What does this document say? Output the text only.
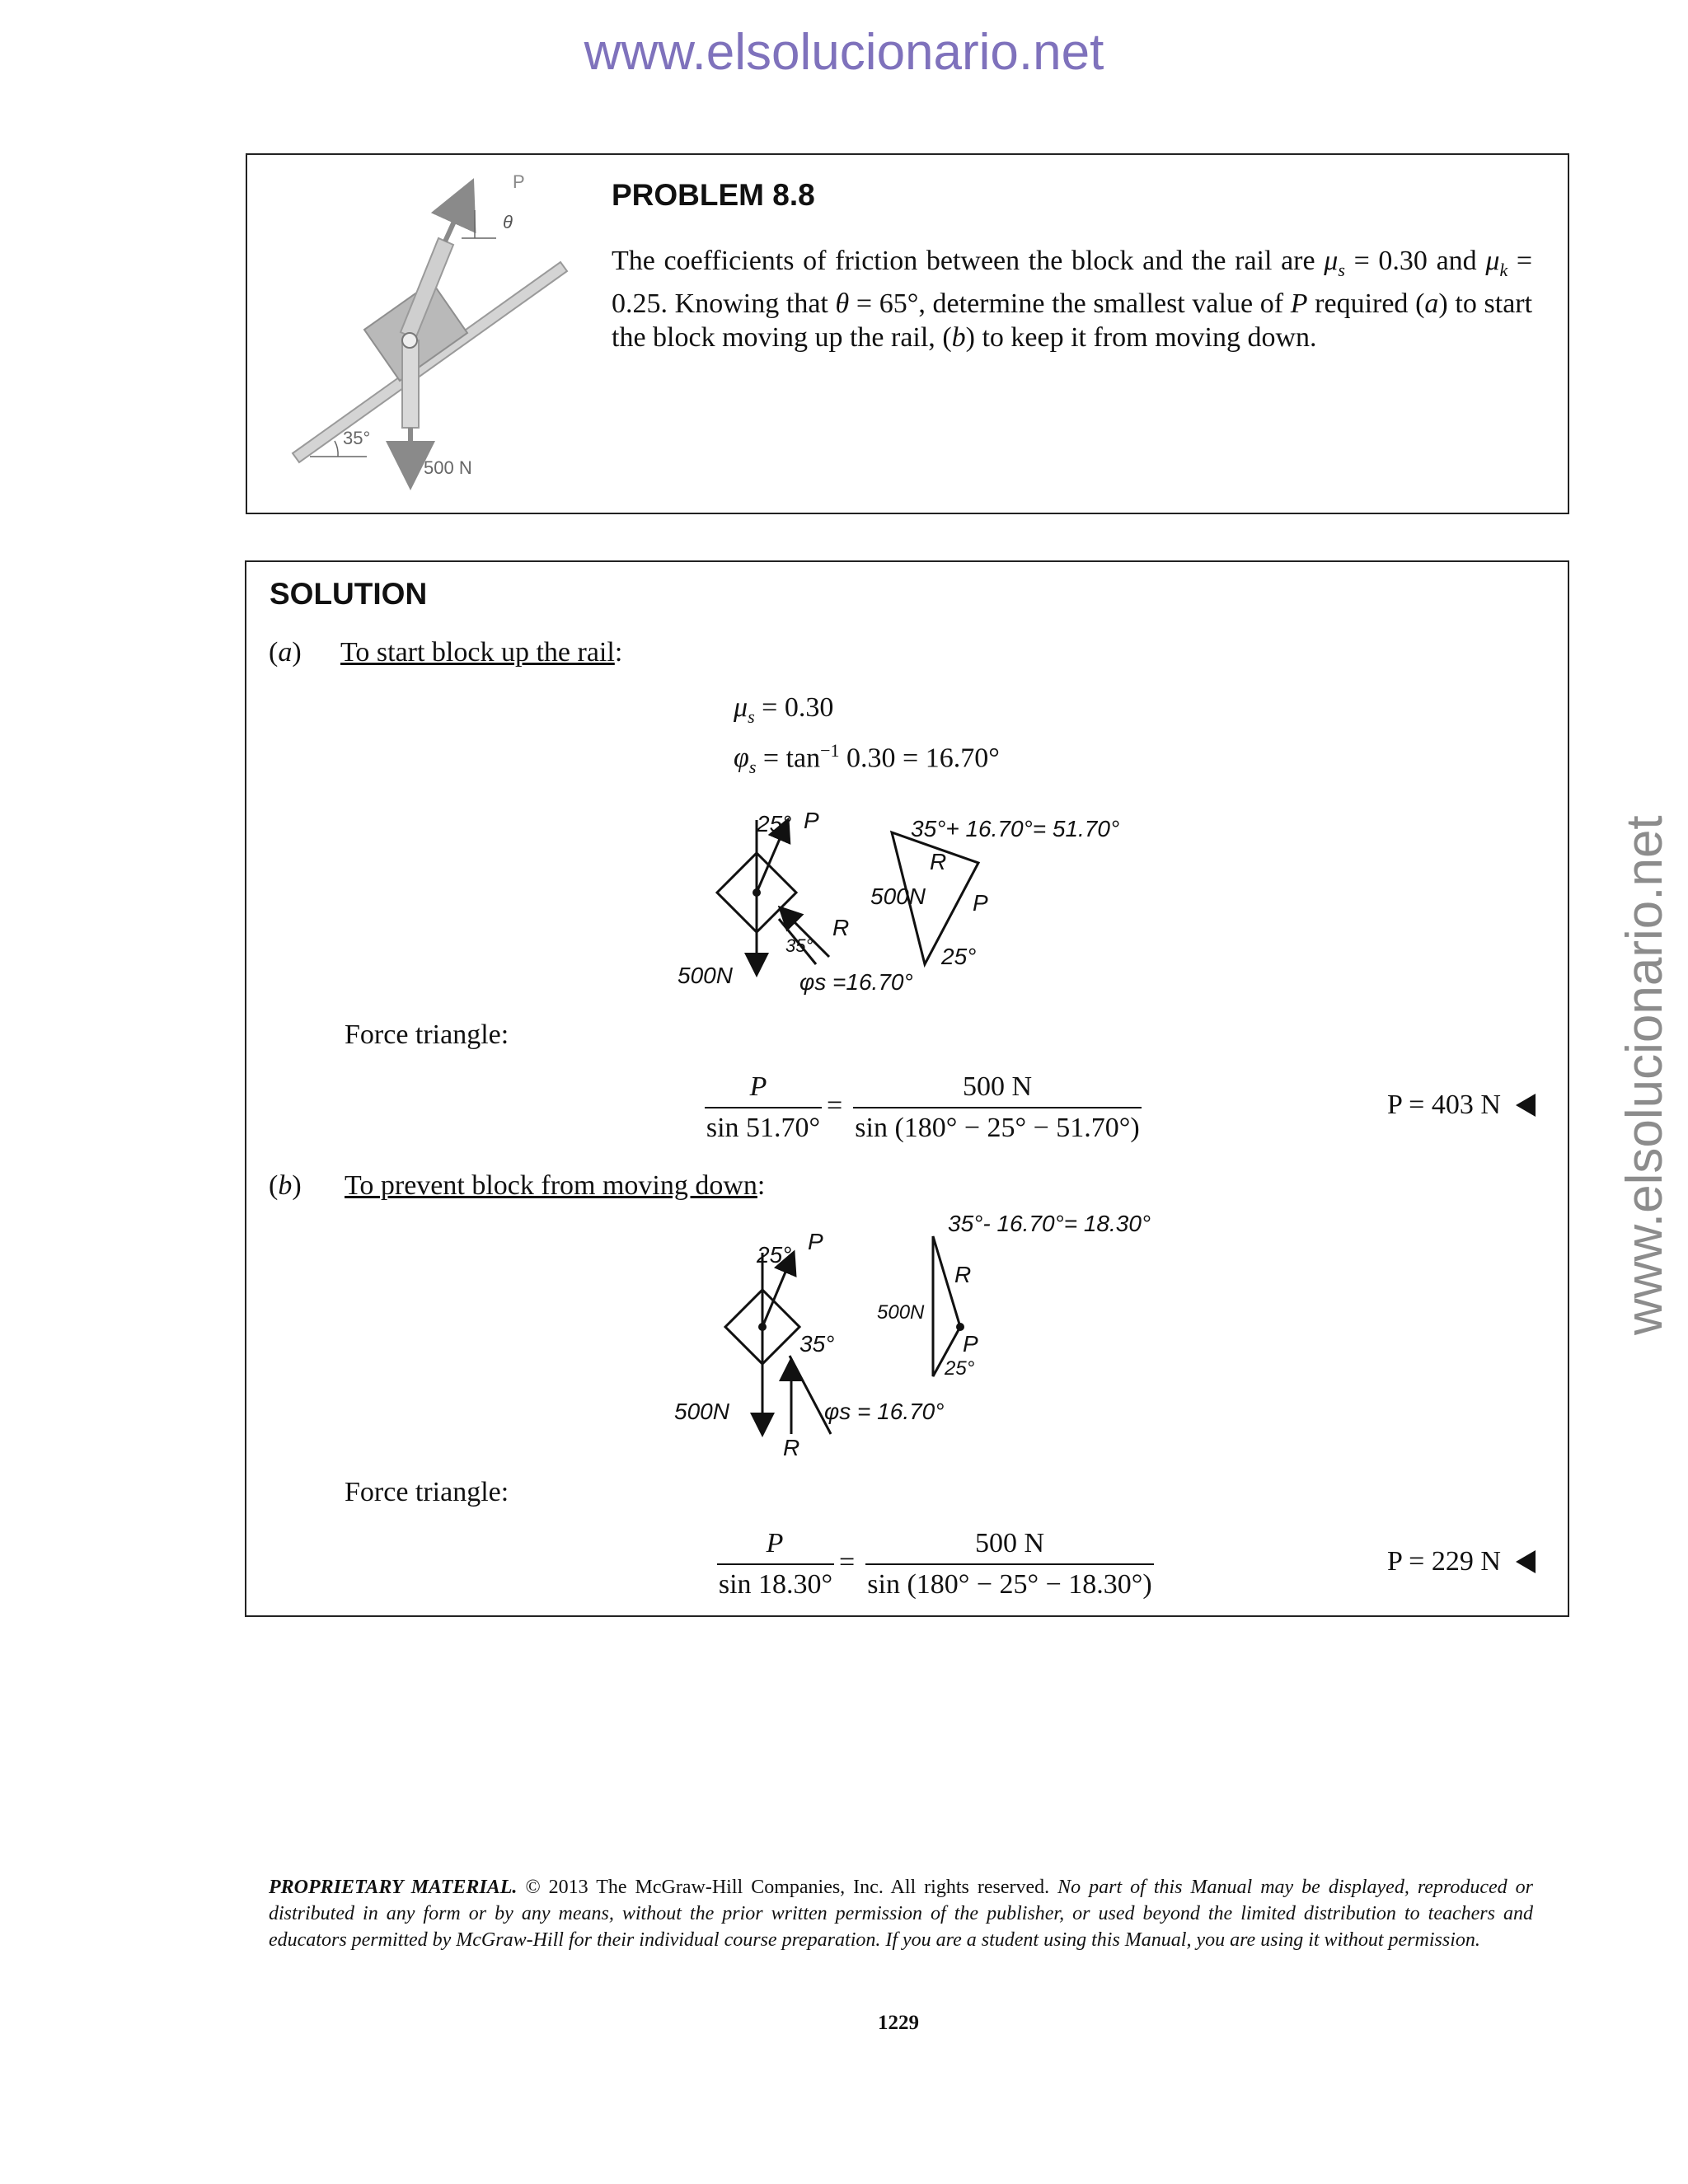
www.elsolucionario.net
www.elsolucionario.net
P
θ
500 N
35°
PROBLEM 8.8
The coefficients of friction between the block and the rail are $\mu_s = 0.30$ and $\mu_k = 0.25$. Knowing that θ = 65°, determine the smallest value of P required (a) to start the block moving up the rail, (b) to keep it from moving down.
SOLUTION
(a) To start block up the rail:
$\mu_s = 0.30$
$\varphi_s = \tan^{-1} 0.30 = 16.70^\circ$
25° P
500N
R
35°
φs =16.70°
35°+ 16.70°= 51.70°
R
500N P
25°
Force triangle:
P
sin 51.70°
=
500 N
sin (180° − 25° − 51.70°)
P = 403 N
(b) To prevent block from moving down:
25°
P
35°
500N
R
φs = 16.70°
35°- 16.70°= 18.30°
R
500N
P
25°
Force triangle:
P
sin 18.30°
=
500 N
sin (180° − 25° − 18.30°)
P = 229 N
PROPRIETARY MATERIAL. © 2013 The McGraw-Hill Companies, Inc. All rights reserved. No part of this Manual may be displayed, reproduced or distributed in any form or by any means, without the prior written permission of the publisher, or used beyond the limited distribution to teachers and educators permitted by McGraw-Hill for their individual course preparation. If you are a student using this Manual, you are using it without permission.
1229
